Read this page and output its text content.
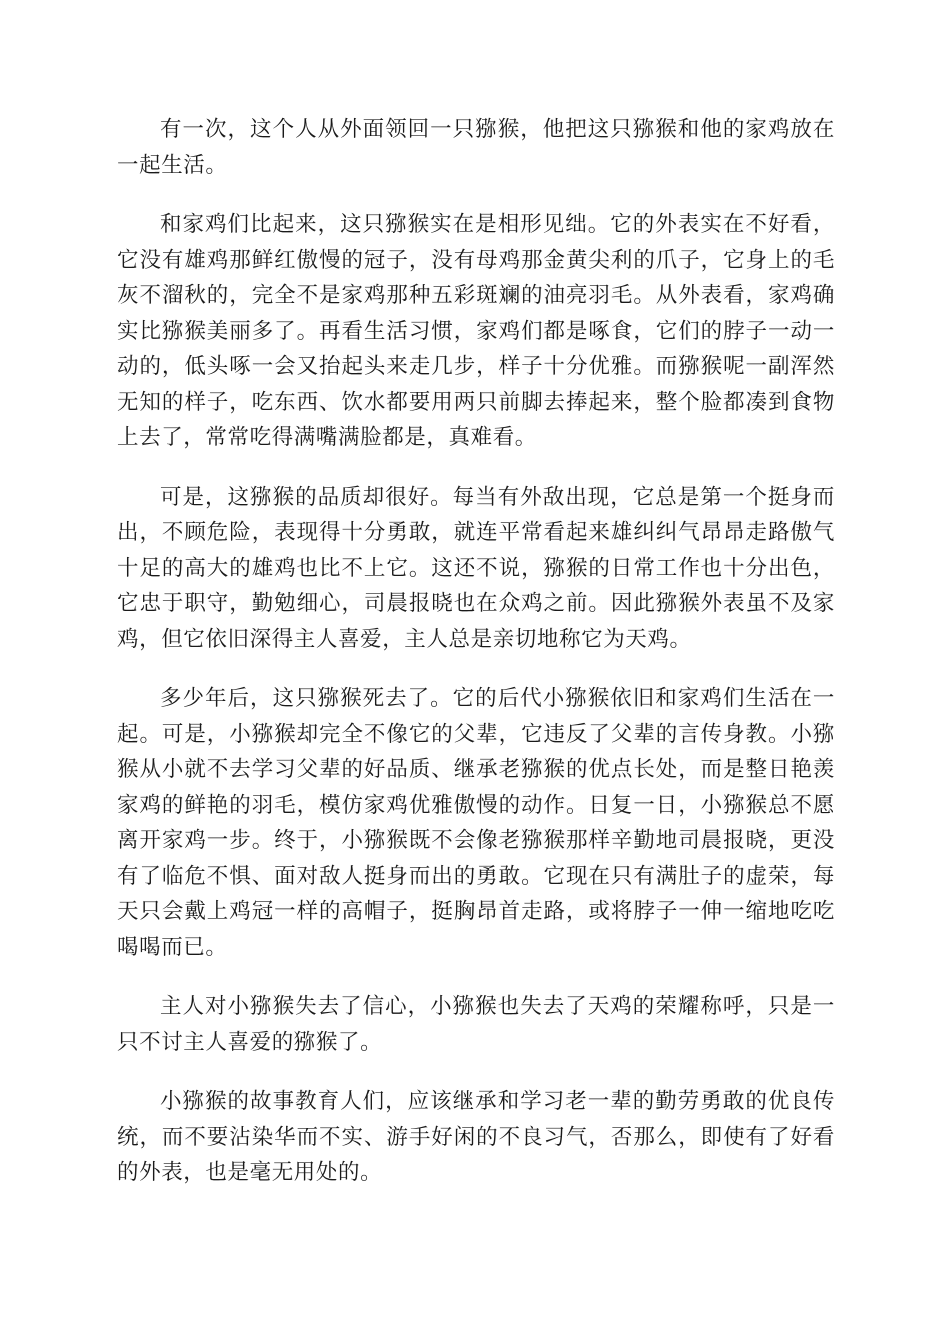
有一次，这个人从外面领回一只猕猴，他把这只猕猴和他的家鸡放在一起生活。

和家鸡们比起来，这只猕猴实在是相形见绌。它的外表实在不好看，它没有雄鸡那鲜红傲慢的冠子，没有母鸡那金黄尖利的爪子，它身上的毛灰不溜秋的，完全不是家鸡那种五彩斑斓的油亮羽毛。从外表看，家鸡确实比猕猴美丽多了。再看生活习惯，家鸡们都是啄食，它们的脖子一动一动的，低头啄一会又抬起头来走几步，样子十分优雅。而猕猴呢一副浑然无知的样子，吃东西、饮水都要用两只前脚去捧起来，整个脸都凑到食物上去了，常常吃得满嘴满脸都是，真难看。

可是，这猕猴的品质却很好。每当有外敌出现，它总是第一个挺身而出，不顾危险，表现得十分勇敢，就连平常看起来雄纠纠气昂昂走路傲气十足的高大的雄鸡也比不上它。这还不说，猕猴的日常工作也十分出色，它忠于职守，勤勉细心，司晨报晓也在众鸡之前。因此猕猴外表虽不及家鸡，但它依旧深得主人喜爱，主人总是亲切地称它为天鸡。

多少年后，这只猕猴死去了。它的后代小猕猴依旧和家鸡们生活在一起。可是，小猕猴却完全不像它的父辈，它违反了父辈的言传身教。小猕猴从小就不去学习父辈的好品质、继承老猕猴的优点长处，而是整日艳羡家鸡的鲜艳的羽毛，模仿家鸡优雅傲慢的动作。日复一日，小猕猴总不愿离开家鸡一步。终于，小猕猴既不会像老猕猴那样辛勤地司晨报晓，更没有了临危不惧、面对敌人挺身而出的勇敢。它现在只有满肚子的虚荣，每天只会戴上鸡冠一样的高帽子，挺胸昂首走路，或将脖子一伸一缩地吃吃喝喝而已。

主人对小猕猴失去了信心，小猕猴也失去了天鸡的荣耀称呼，只是一只不讨主人喜爱的猕猴了。

小猕猴的故事教育人们，应该继承和学习老一辈的勤劳勇敢的优良传统，而不要沾染华而不实、游手好闲的不良习气，否那么，即使有了好看的外表，也是毫无用处的。
